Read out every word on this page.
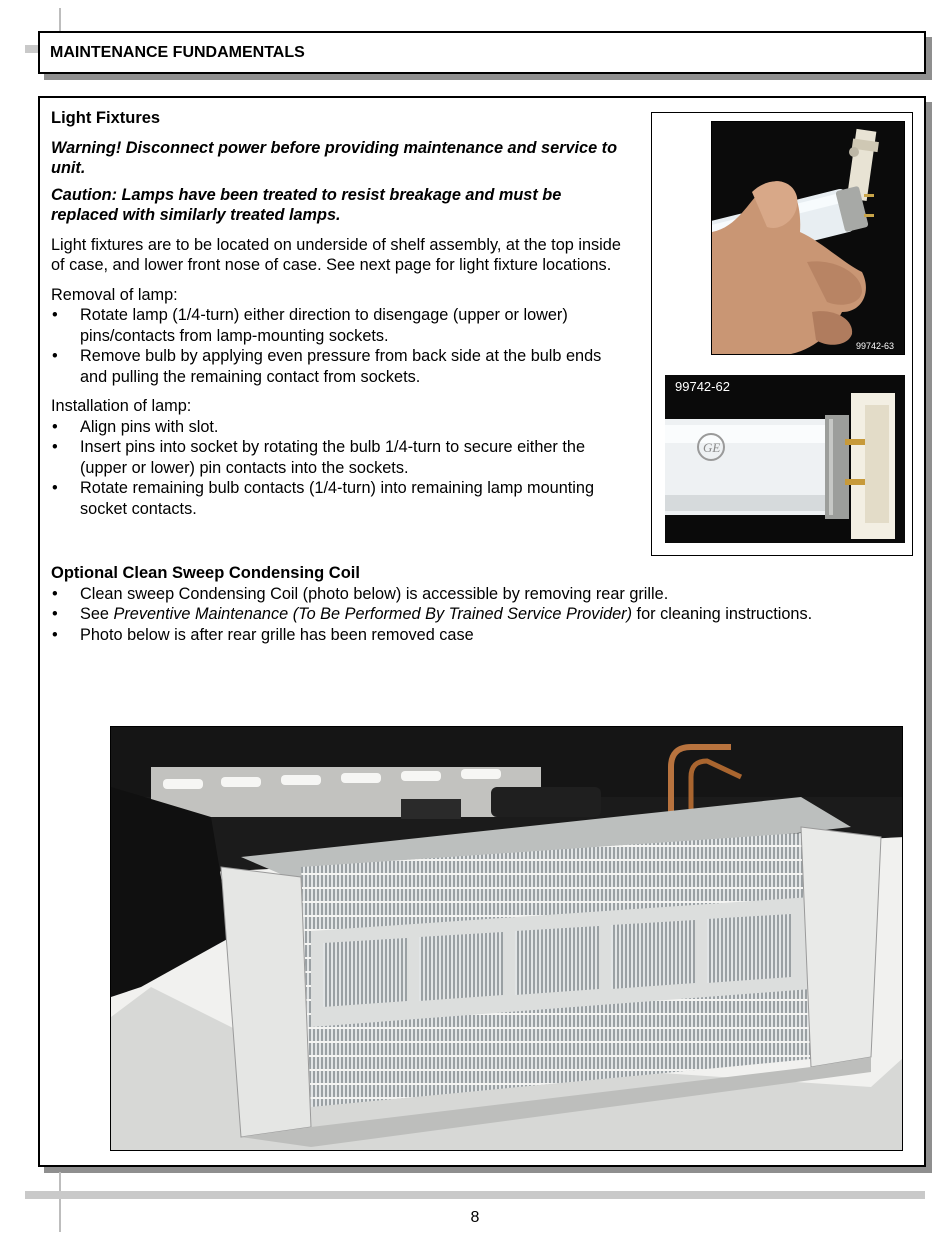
MAINTENANCE FUNDAMENTALS
Light Fixtures
Warning! Disconnect power before providing maintenance and service to unit.
Caution: Lamps have been treated to resist breakage and must be replaced with similarly treated lamps.
Light fixtures are to be located on underside of shelf assembly, at the top inside of case, and lower front nose of case. See next page for light fixture locations.
Removal of lamp:
• Rotate lamp (1/4-turn) either direction to disengage (upper or lower) pins/contacts from lamp-mounting sockets.
• Remove bulb by applying even pressure from back side at the bulb ends and pulling the remaining contact from sockets.
Installation of lamp:
• Align pins with slot.
• Insert pins into socket by rotating the bulb 1/4-turn to secure either the (upper or lower) pin contacts into the sockets.
• Rotate remaining bulb contacts (1/4-turn) into remaining lamp mounting socket contacts.
99742-63
GE
99742-62
Optional Clean Sweep Condensing Coil
• Clean sweep Condensing Coil (photo below) is accessible by removing rear grille.
• See Preventive Maintenance (To Be Performed By Trained Service Provider) for cleaning instructions.
• Photo below is after rear grille has been removed case
8
